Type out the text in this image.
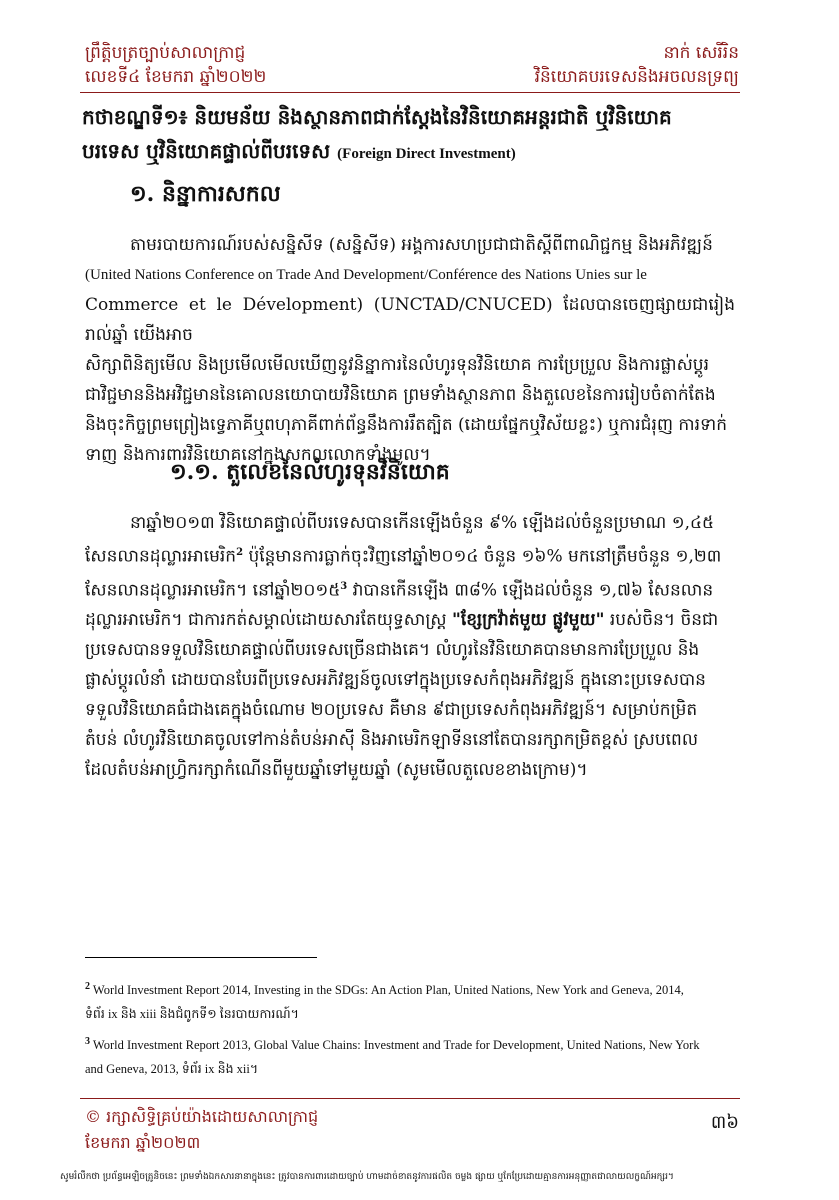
ព្រឹត្តិបត្រច្បាប់សាលាក្រាជ្ញ
លេខទី៤ ខែមករា ឆ្នាំ២០២២
នាក់ សេរីរិន
វិនិយោគបរទេសនិងអចលនទ្រព្យ
កថាខណ្ឌទី១៖ និយមន័យ និងស្ថានភាពជាក់ស្តែងនៃវិនិយោគអន្តរជាតិ ឬវិនិយោគ
បរទេស ឬវិនិយោគផ្ទាល់ពីបរទេស (Foreign Direct Investment)
១. និន្នាការសកល
តាមរបាយការណ៍របស់សន្និសីទ (សន្និសីទ) អង្គការសហប្រជាជាតិស្តីពីពាណិជ្ជកម្ម និងអភិវឌ្ឍន៍
(United Nations Conference on Trade And Development/Conférence des Nations Unies sur le
Commerce et le Dévelopment) (UNCTAD/CNUCED) ដែលបានចេញផ្សាយជារៀងរាល់ឆ្នាំ យើងអាច
សិក្សាពិនិត្យមើល និងប្រមើលមើលឃើញនូវនិន្នាការនៃលំហូរទុនវិនិយោគ ការប្រែប្រួល និងការផ្លាស់ប្តូរ
ជាវិជ្ជមាននិងអវិជ្ជមាននៃគោលនយោបាយវិនិយោគ ព្រមទាំងស្ថានភាព និងតួលេខនៃការរៀបចំតាក់តែង
និងចុះកិច្ចព្រមព្រៀងទ្វេភាគីឬពហុភាគីពាក់ព័ន្ធនឹងការរឹតត្បិត (ដោយផ្នែកឬវិស័យខ្លះ) ឬការជំរុញ ការទាក់
ទាញ និងការពារវិនិយោគនៅក្នុងសកលលោកទាំងមូល។
១.១. តួលេខនៃលំហូរទុនវិនិយោគ
នាឆ្នាំ២០១៣ វិនិយោគផ្ទាល់ពីបរទេសបានកើនឡើងចំនួន ៩% ឡើងដល់ចំនួនប្រមាណ ១,៤៥
សែនលានដុល្លារអាមេរិក$^2$ ប៉ុន្តែមានការធ្លាក់ចុះវិញនៅឆ្នាំ២០១៤ ចំនួន ១៦% មកនៅត្រឹមចំនួន ១,២៣
សែនលានដុល្លារអាមេរិក។ នៅឆ្នាំ២០១៥$^3$ វាបានកើនឡើង ៣៨% ឡើងដល់ចំនួន ១,៧៦ សែនលាន
ដុល្លារអាមេរិក។ ជាការកត់សម្គាល់ដោយសារតែយុទ្ធសាស្ត្រ "ខ្សែក្រវ៉ាត់មួយ ផ្លូវមួយ" របស់ចិន។ ចិនជា
ប្រទេសបានទទួលវិនិយោគផ្ទាល់ពីបរទេសច្រើនជាងគេ។ លំហូរនៃវិនិយោគបានមានការប្រែប្រួល និង
ផ្លាស់ប្តូរលំនាំ ដោយបានបែរពីប្រទេសអភិវឌ្ឍន៍ចូលទៅក្នុងប្រទេសកំពុងអភិវឌ្ឍន៍ ក្នុងនោះប្រទេសបាន
ទទួលវិនិយោគធំជាងគេក្នុងចំណោម ២០ប្រទេស គឺមាន ៩ជាប្រទេសកំពុងអភិវឌ្ឍន៍។ សម្រាប់កម្រិត
តំបន់ លំហូរវិនិយោគចូលទៅកាន់តំបន់អាស៊ី និងអាមេរិកឡាទីននៅតែបានរក្សាកម្រិតខ្ពស់ ស្របពេល
ដែលតំបន់អាហ្វ្រិករក្សាកំណើនពីមួយឆ្នាំទៅមួយឆ្នាំ (សូមមើលតួលេខខាងក្រោម)។
$^2$ World Investment Report 2014, Investing in the SDGs: An Action Plan, United Nations, New York and Geneva, 2014,
ទំព័រ ix និង xiii និងជំពូកទី១ នៃរបាយការណ៍។
$^3$ World Investment Report 2013, Global Value Chains: Investment and Trade for Development, United Nations, New York
and Geneva, 2013, ទំព័រ ix និង xii។
© រក្សាសិទ្ធិគ្រប់យ៉ាងដោយសាលាក្រាជ្ញ
ខែមករា ឆ្នាំ២០២៣
៣៦
សូមរំលឹកថា ប្រព័ន្ធអេឡិចត្រូនិចនេះ ព្រមទាំងឯកសារនានាក្នុងនេះ ត្រូវបានការពារដោយច្បាប់ ហាមដាច់ខាតនូវការផលិត ចម្លង ផ្សាយ ឬកែប្រែដោយគ្មានការអនុញ្ញាតជាលាយលក្ខណ៍អក្សរ។
